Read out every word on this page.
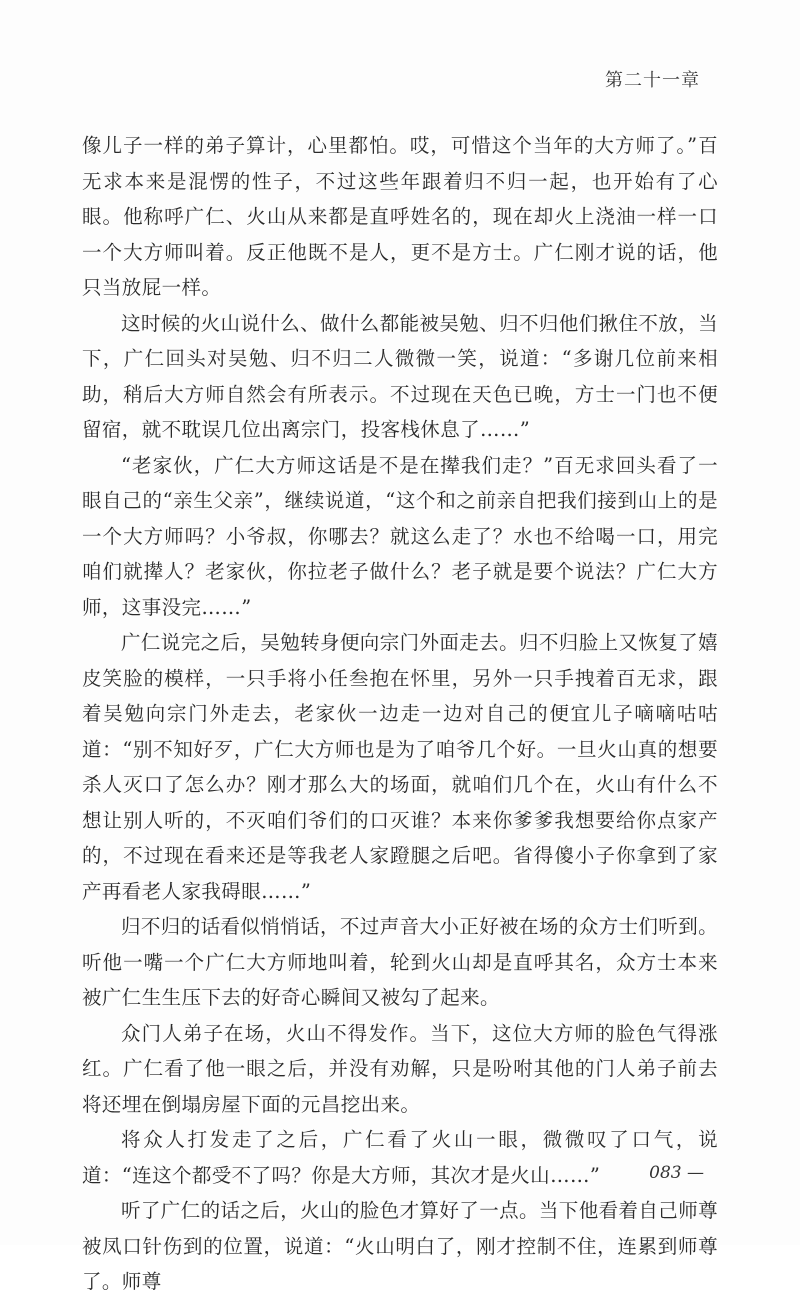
第二十一章

像儿子一样的弟子算计，心里都怕。哎，可惜这个当年的大方师了。”百无求本来是混愣的性子，不过这些年跟着归不归一起，也开始有了心眼。他称呼广仁、火山从来都是直呼姓名的，现在却火上浇油一样一口一个大方师叫着。反正他既不是人，更不是方士。广仁刚才说的话，他只当放屁一样。

这时候的火山说什么、做什么都能被吴勉、归不归他们揪住不放，当下，广仁回头对吴勉、归不归二人微微一笑，说道：“多谢几位前来相助，稍后大方师自然会有所表示。不过现在天色已晚，方士一门也不便留宿，就不耽误几位出离宗门，投客栈休息了……”

“老家伙，广仁大方师这话是不是在撵我们走？”百无求回头看了一眼自己的“亲生父亲”，继续说道，“这个和之前亲自把我们接到山上的是一个大方师吗？小爷叔，你哪去？就这么走了？水也不给喝一口，用完咱们就撵人？老家伙，你拉老子做什么？老子就是要个说法？广仁大方师，这事没完……”

广仁说完之后，吴勉转身便向宗门外面走去。归不归脸上又恢复了嬉皮笑脸的模样，一只手将小任叁抱在怀里，另外一只手拽着百无求，跟着吴勉向宗门外走去，老家伙一边走一边对自己的便宜儿子嘀嘀咕咕道：“别不知好歹，广仁大方师也是为了咱爷几个好。一旦火山真的想要杀人灭口了怎么办？刚才那么大的场面，就咱们几个在，火山有什么不想让别人听的，不灭咱们爷们的口灭谁？本来你爹爹我想要给你点家产的，不过现在看来还是等我老人家蹬腿之后吧。省得傻小子你拿到了家产再看老人家我碍眼……”

归不归的话看似悄悄话，不过声音大小正好被在场的众方士们听到。听他一嘴一个广仁大方师地叫着，轮到火山却是直呼其名，众方士本来被广仁生生压下去的好奇心瞬间又被勾了起来。

众门人弟子在场，火山不得发作。当下，这位大方师的脸色气得涨红。广仁看了他一眼之后，并没有劝解，只是吩咐其他的门人弟子前去将还埋在倒塌房屋下面的元昌挖出来。

将众人打发走了之后，广仁看了火山一眼，微微叹了口气，说道：“连这个都受不了吗？你是大方师，其次才是火山……”

听了广仁的话之后，火山的脸色才算好了一点。当下他看着自己师尊被凤口针伤到的位置，说道：“火山明白了，刚才控制不住，连累到师尊了。师尊

083 —
